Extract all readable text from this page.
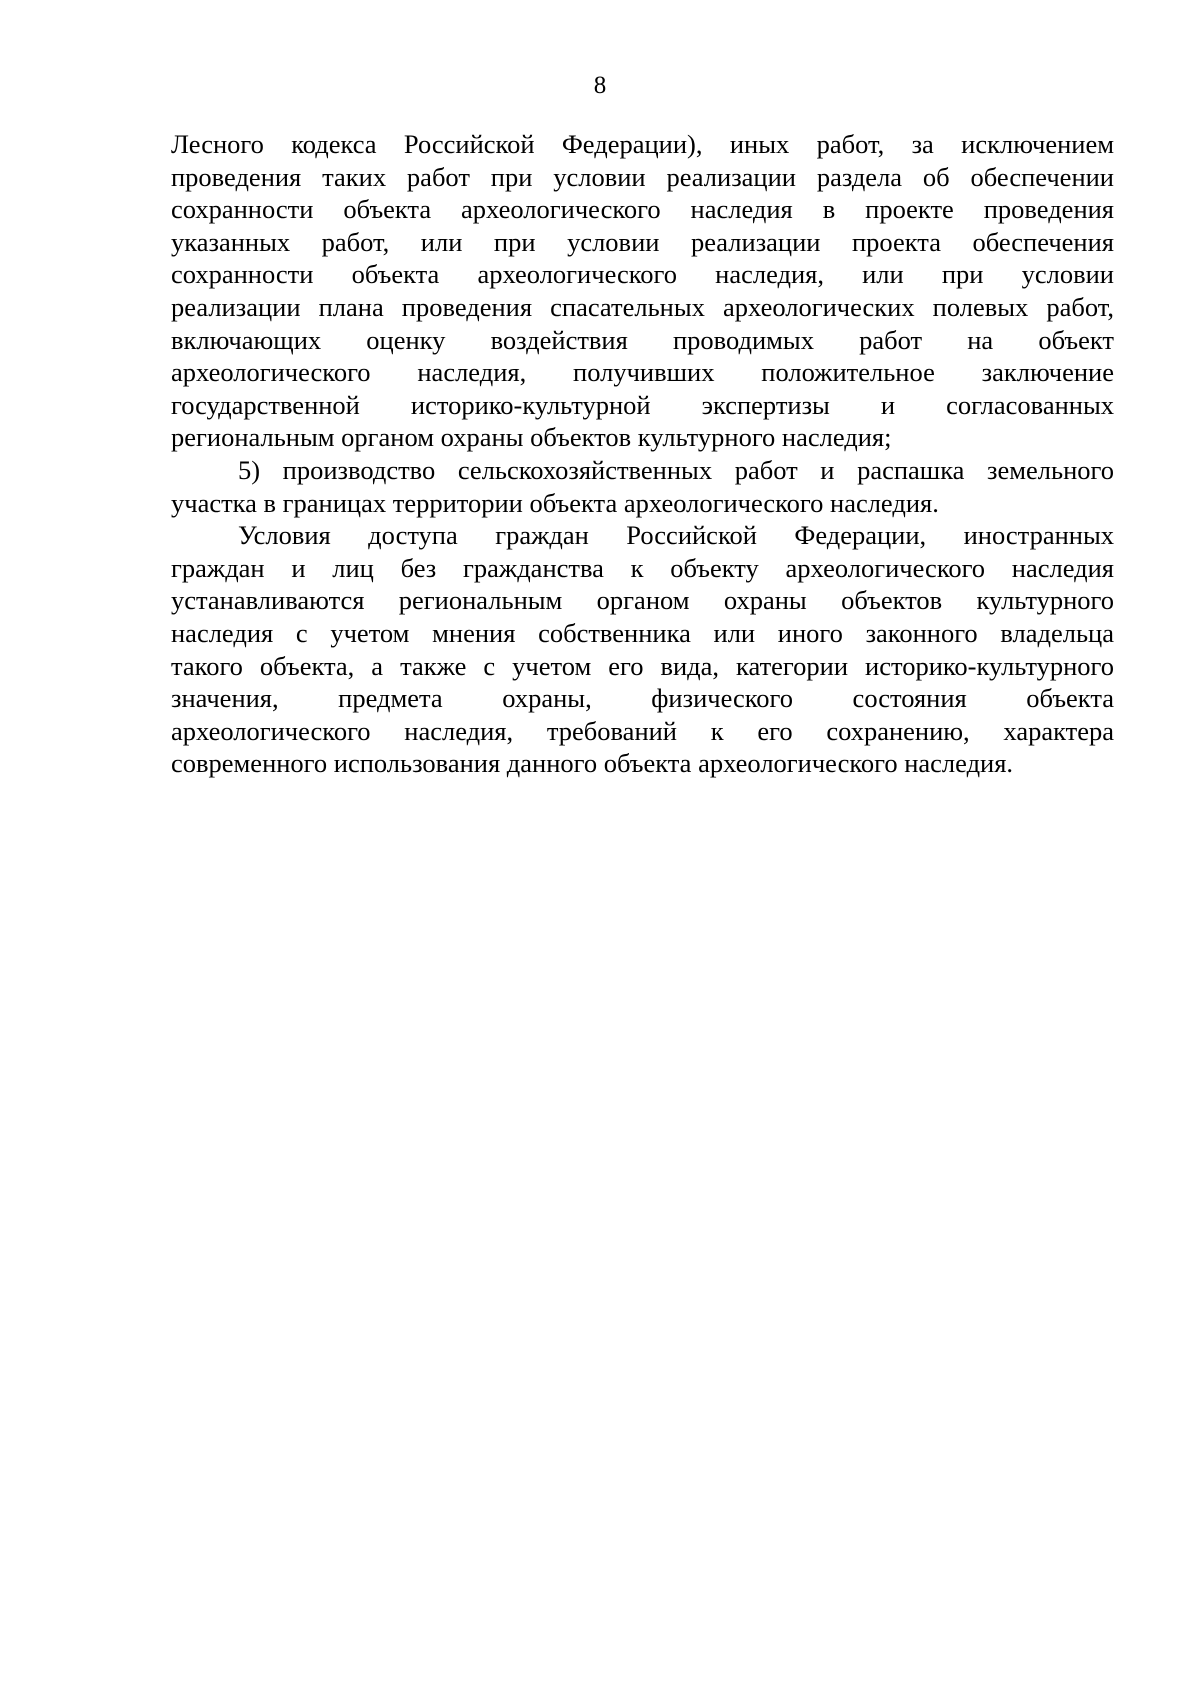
8
Лесного кодекса Российской Федерации), иных работ, за исключением
проведения таких работ при условии реализации раздела об обеспечении
сохранности объекта археологического наследия в проекте проведения
указанных работ, или при условии реализации проекта обеспечения
сохранности объекта археологического наследия, или при условии
реализации плана проведения спасательных археологических полевых работ,
включающих оценку воздействия проводимых работ на объект
археологического наследия, получивших положительное заключение
государственной историко-культурной экспертизы и согласованных
региональным органом охраны объектов культурного наследия;
5) производство сельскохозяйственных работ и распашка земельного
участка в границах территории объекта археологического наследия.
Условия доступа граждан Российской Федерации, иностранных
граждан и лиц без гражданства к объекту археологического наследия
устанавливаются региональным органом охраны объектов культурного
наследия с учетом мнения собственника или иного законного владельца
такого объекта, а также с учетом его вида, категории историко-культурного
значения, предмета охраны, физического состояния объекта
археологического наследия, требований к его сохранению, характера
современного использования данного объекта археологического наследия.
